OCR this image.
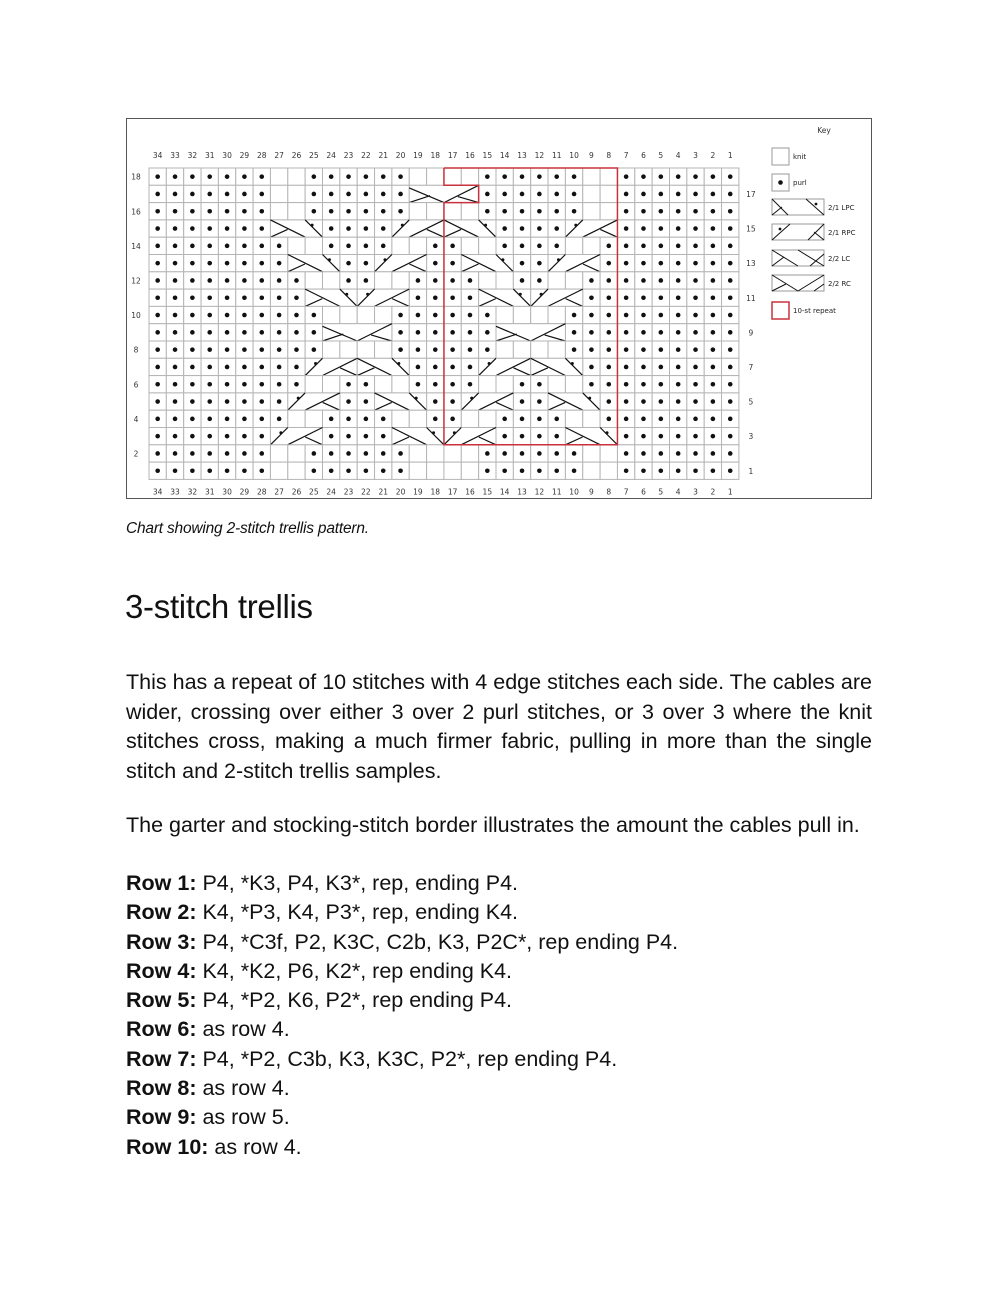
34
34
33
33
32
32
31
31
30
30
29
29
28
28
27
27
26
26
25
25
24
24
23
23
22
22
21
21
20
20
19
19
18
18
17
17
16
16
15
15
14
14
13
13
12
12
11
11
10
10
9
9
8
8
7
7
6
6
5
5
4
4
3
3
2
2
1
1
18
16
14
12
10
8
6
4
2
17
15
13
11
9
7
5
3
1
Key
knit
purl
2/1 LPC
2/1 RPC
2/2 LC
2/2 RC
10-st repeat
Chart showing 2-stitch trellis pattern.
3-stitch trellis

This has a repeat of 10 stitches with 4 edge stitches each side. The cables are wider, crossing over either 3 over 2 purl stitches, or 3 over 3 where the knit stitches cross, making a much firmer fabric, pulling in more than the single stitch and 2-stitch trellis samples.

The garter and stocking-stitch border illustrates the amount the cables pull in.

Row 1: P4, *K3, P4, K3*, rep, ending P4.
Row 2: K4, *P3, K4, P3*, rep, ending K4.
Row 3: P4, *C3f, P2, K3C, C2b, K3, P2C*, rep ending P4.
Row 4: K4, *K2, P6, K2*, rep ending K4.
Row 5: P4, *P2, K6, P2*, rep ending P4.
Row 6: as row 4.
Row 7: P4, *P2, C3b, K3, K3C, P2*, rep ending P4.
Row 8: as row 4.
Row 9: as row 5.
Row 10: as row 4.
